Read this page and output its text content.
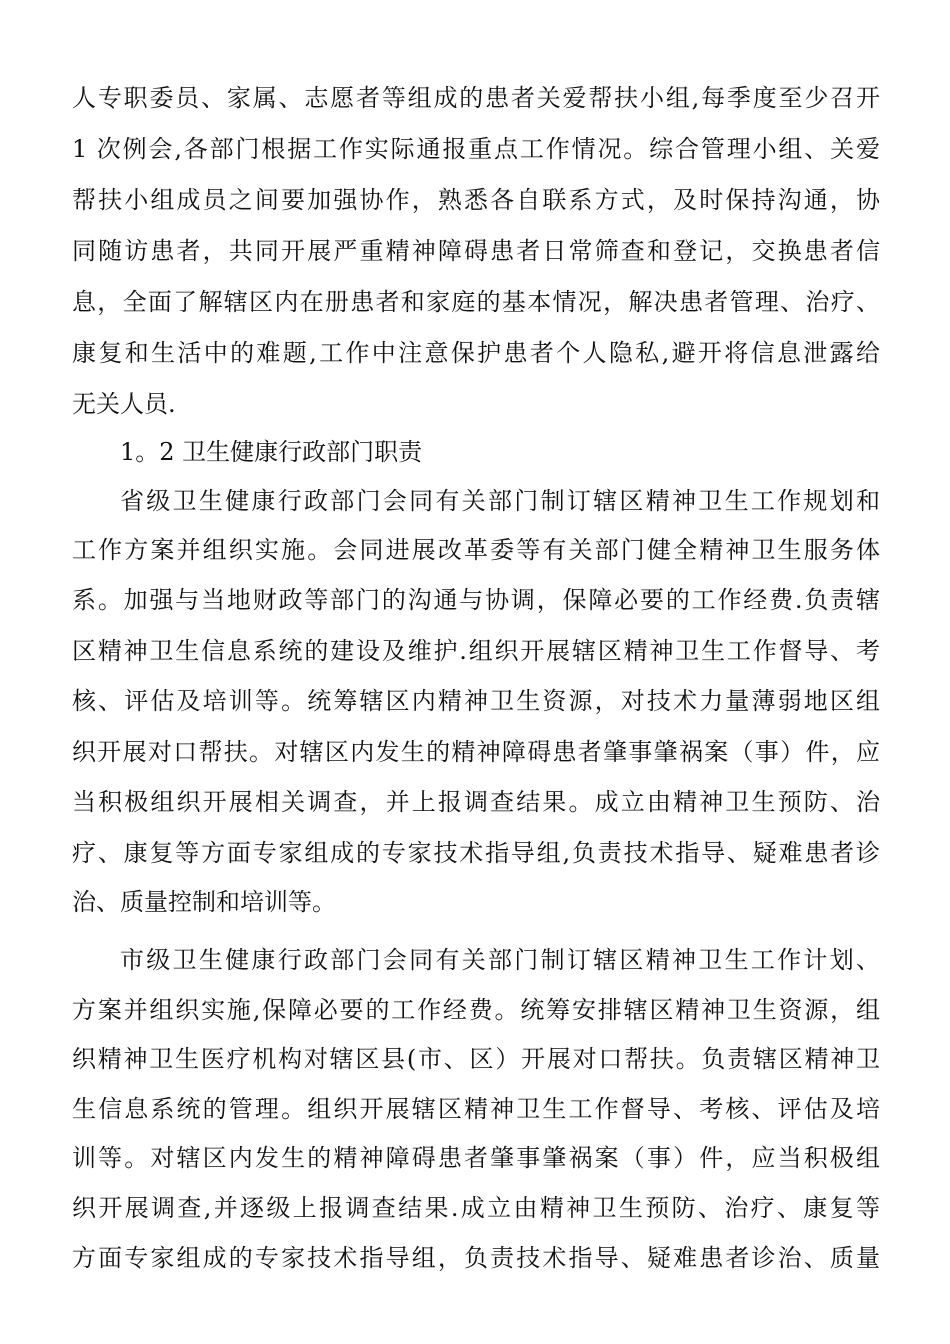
人专职委员、家属、志愿者等组成的患者关爱帮扶小组,每季度至少召开
1 次例会,各部门根据工作实际通报重点工作情况。综合管理小组、关爱
帮扶小组成员之间要加强协作，熟悉各自联系方式，及时保持沟通，协
同随访患者，共同开展严重精神障碍患者日常筛查和登记，交换患者信
息，全面了解辖区内在册患者和家庭的基本情况，解决患者管理、治疗、
康复和生活中的难题,工作中注意保护患者个人隐私,避开将信息泄露给
无关人员.
1。2 卫生健康行政部门职责
省级卫生健康行政部门会同有关部门制订辖区精神卫生工作规划和
工作方案并组织实施。会同进展改革委等有关部门健全精神卫生服务体
系。加强与当地财政等部门的沟通与协调，保障必要的工作经费.负责辖
区精神卫生信息系统的建设及维护.组织开展辖区精神卫生工作督导、考
核、评估及培训等。统筹辖区内精神卫生资源，对技术力量薄弱地区组
织开展对口帮扶。对辖区内发生的精神障碍患者肇事肇祸案（事）件，应
当积极组织开展相关调查，并上报调查结果。成立由精神卫生预防、治
疗、康复等方面专家组成的专家技术指导组,负责技术指导、疑难患者诊
治、质量控制和培训等。
市级卫生健康行政部门会同有关部门制订辖区精神卫生工作计划、
方案并组织实施,保障必要的工作经费。统筹安排辖区精神卫生资源，组
织精神卫生医疗机构对辖区县(市、区）开展对口帮扶。负责辖区精神卫
生信息系统的管理。组织开展辖区精神卫生工作督导、考核、评估及培
训等。对辖区内发生的精神障碍患者肇事肇祸案（事）件，应当积极组
织开展调查,并逐级上报调查结果.成立由精神卫生预防、治疗、康复等
方面专家组成的专家技术指导组，负责技术指导、疑难患者诊治、质量
